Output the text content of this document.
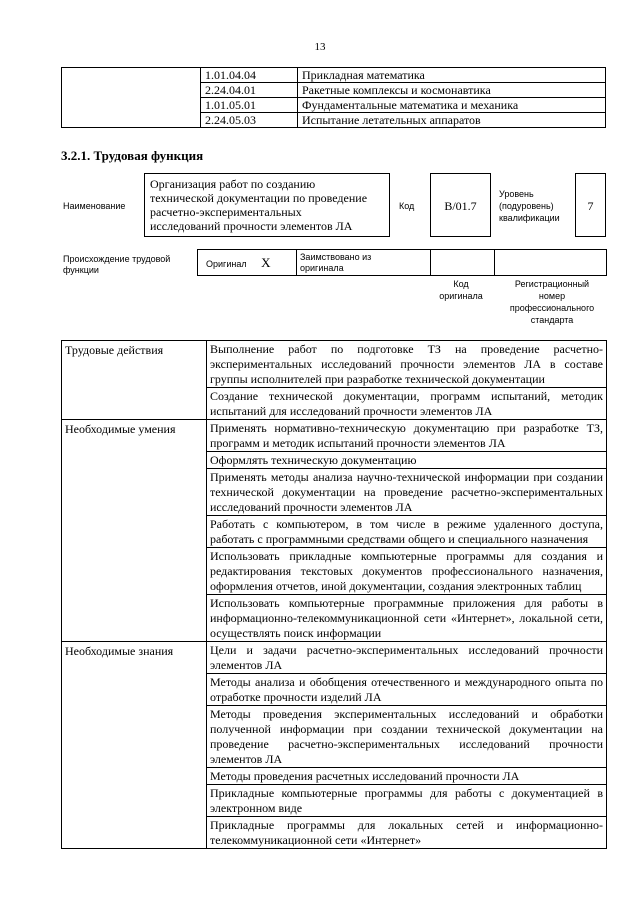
13
	1.01.04.04	Прикладная математика
	2.24.04.01	Ракетные комплексы и космонавтика
	1.01.05.01	Фундаментальные математика и механика
	2.24.05.03	Испытание летательных аппаратов
3.2.1. Трудовая функция
Наименование
Организация работ по созданию
технической документации по проведение
расчетно-экспериментальных
исследований прочности элементов ЛА
Код	B/01.7
Уровень
(подуровень)
квалификации
7
Происхождение трудовой
функции
Оригинал X	Заимствовано из
оригинала

Код
оригинала
Регистрационный
номер
профессионального
стандарта
Трудовые действия	Выполнение работ по подготовке ТЗ на проведение расчетно-экспериментальных исследований прочности элементов ЛА в составе группы исполнителей при разработке технической документации
	Создание технической документации, программ испытаний, методик испытаний для исследований прочности элементов ЛА
Необходимые умения	Применять нормативно-техническую документацию при разработке ТЗ, программ и методик испытаний прочности элементов ЛА
	Оформлять техническую документацию
	Применять методы анализа научно-технической информации при создании технической документации на проведение расчетно-экспериментальных исследований прочности элементов ЛА
	Работать с компьютером, в том числе в режиме удаленного доступа, работать с программными средствами общего и специального назначения
	Использовать прикладные компьютерные программы для создания и редактирования текстовых документов профессионального назначения, оформления отчетов, иной документации, создания электронных таблиц
	Использовать компьютерные программные приложения для работы в информационно-телекоммуникационной сети «Интернет», локальной сети, осуществлять поиск информации
Необходимые знания	Цели и задачи расчетно-экспериментальных исследований прочности элементов ЛА
	Методы анализа и обобщения отечественного и международного опыта по отработке прочности изделий ЛА
	Методы проведения экспериментальных исследований и обработки полученной информации при создании технической документации на проведение расчетно-экспериментальных исследований прочности элементов ЛА
	Методы проведения расчетных исследований прочности ЛА
	Прикладные компьютерные программы для работы с документацией в электронном виде
	Прикладные программы для локальных сетей и информационно-телекоммуникационной сети «Интернет»
